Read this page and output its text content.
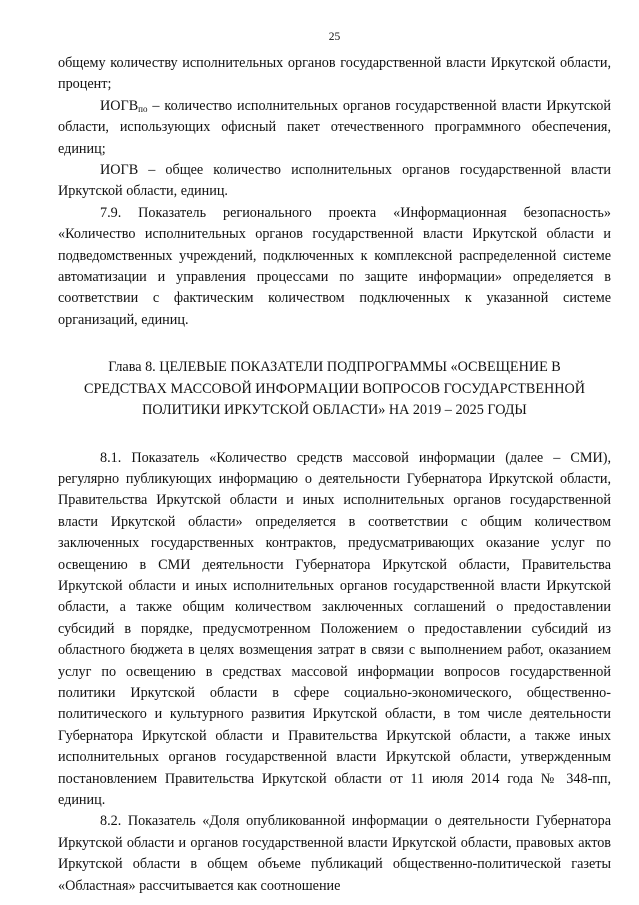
25

общему количеству исполнительных органов государственной власти Иркутской области, процент;

$ИОГВ_{по}$ – количество исполнительных органов государственной власти Иркутской области, использующих офисный пакет отечественного программного обеспечения, единиц;

ИОГВ – общее количество исполнительных органов государственной власти Иркутской области, единиц.

7.9. Показатель регионального проекта «Информационная безопасность» «Количество исполнительных органов государственной власти Иркутской области и подведомственных учреждений, подключенных к комплексной распределенной системе автоматизации и управления процессами по защите информации» определяется в соответствии с фактическим количеством подключенных к указанной системе организаций, единиц.

Глава 8. ЦЕЛЕВЫЕ ПОКАЗАТЕЛИ ПОДПРОГРАММЫ «ОСВЕЩЕНИЕ В
СРЕДСТВАХ МАССОВОЙ ИНФОРМАЦИИ ВОПРОСОВ ГОСУДАРСТВЕННОЙ
ПОЛИТИКИ ИРКУТСКОЙ ОБЛАСТИ» НА 2019 – 2025 ГОДЫ

8.1. Показатель «Количество средств массовой информации (далее – СМИ), регулярно публикующих информацию о деятельности Губернатора Иркутской области, Правительства Иркутской области и иных исполнительных органов государственной власти Иркутской области» определяется в соответствии с общим количеством заключенных государственных контрактов, предусматривающих оказание услуг по освещению в СМИ деятельности Губернатора Иркутской области, Правительства Иркутской области и иных исполнительных органов государственной власти Иркутской области, а также общим количеством заключенных соглашений о предоставлении субсидий в порядке, предусмотренном Положением о предоставлении субсидий из областного бюджета в целях возмещения затрат в связи с выполнением работ, оказанием услуг по освещению в средствах массовой информации вопросов государственной политики Иркутской области в сфере социально-экономического, общественно-политического и культурного развития Иркутской области, в том числе деятельности Губернатора Иркутской области и Правительства Иркутской области, а также иных исполнительных органов государственной власти Иркутской области, утвержденным постановлением Правительства Иркутской области от 11 июля 2014 года № 348-пп, единиц.

8.2. Показатель «Доля опубликованной информации о деятельности Губернатора Иркутской области и органов государственной власти Иркутской области, правовых актов Иркутской области в общем объеме публикаций общественно-политической газеты «Областная» рассчитывается как соотношение
